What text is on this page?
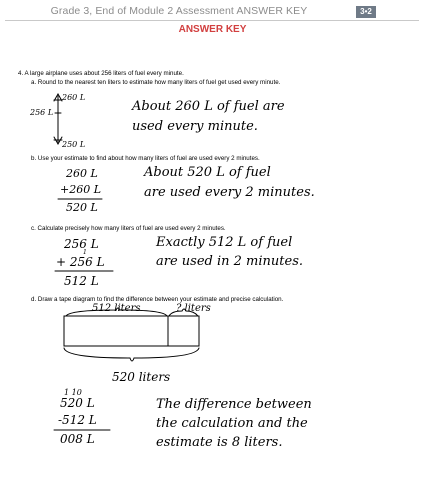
Grade 3, End of Module 2 Assessment ANSWER KEY	3•2
ANSWER KEY
4. A large airplane uses about 256 liters of fuel every minute.
a. Round to the nearest ten liters to estimate how many liters of fuel get used every minute.
260 L
256 L
250 L
About 260 L of fuel are
used every minute.
b. Use your estimate to find about how many liters of fuel are used every 2 minutes.
260 L
+260 L
520 L
About 520 L of fuel
are used every 2 minutes.
c. Calculate precisely how many liters of fuel are used every 2 minutes.
256 L
+ 256 L
1
512 L
Exactly 512 L of fuel
are used in 2 minutes.
d. Draw a tape diagram to find the difference between your estimate and precise calculation.
512 liters	? liters
520 liters
1 10
520 L
-512 L
008 L
The difference between
the calculation and the
estimate is 8 liters.
